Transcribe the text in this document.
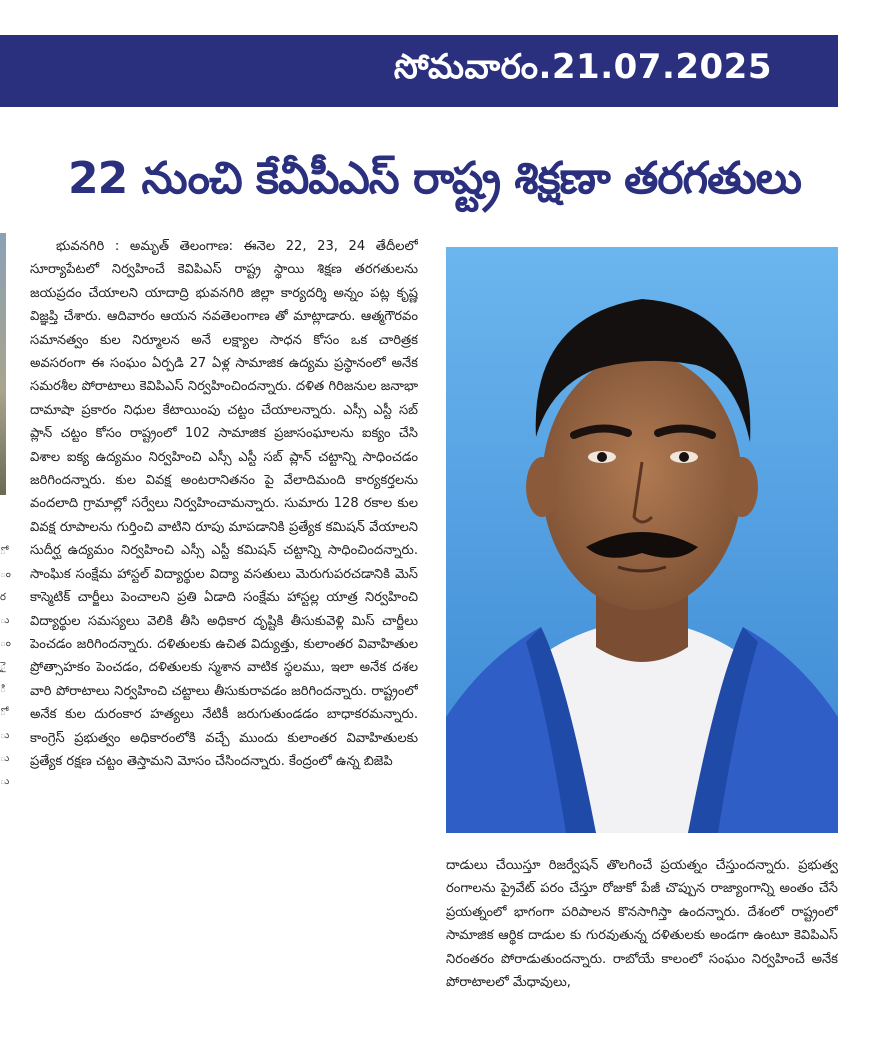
సోమవారం.21.07.2025
22 నుంచి కేవీపీఎస్ రాష్ట్ర శిక్షణా తరగతులు
ో
ం
ర
ు
ం
ై
ి
ో
ు
ు
ు

భువనగిరి : అమృత్ తెలంగాణ: ఈనెల 22, 23, 24 తేదీలలో సూర్యాపేటలో నిర్వహించే కెవిపిఎస్ రాష్ట్ర స్థాయి శిక్షణ తరగతులను జయప్రదం చేయాలని యాదాద్రి భువనగిరి జిల్లా కార్యదర్శి అన్నం పట్ల కృష్ణ విజ్ఞప్తి చేశారు. ఆదివారం ఆయన నవతెలంగాణ తో మాట్లాడారు. ఆత్మగౌరవం సమానత్వం కుల నిర్మూలన అనే లక్ష్యాల సాధన కోసం ఒక చారిత్రక అవసరంగా ఈ సంఘం ఏర్పడి 27 ఏళ్ల సామాజిక ఉద్యమ ప్రస్థానంలో అనేక సమరశీల పోరాటాలు కెవిపిఎస్ నిర్వహించిందన్నారు. దళిత గిరిజనుల జనాభా దామాషా ప్రకారం నిధుల కేటాయింపు చట్టం చేయాలన్నారు. ఎస్సీ ఎస్టీ సబ్ ప్లాన్ చట్టం కోసం రాష్ట్రంలో 102 సామాజిక ప్రజాసంఘాలను ఐక్యం చేసి విశాల ఐక్య ఉద్యమం నిర్వహించి ఎస్సీ ఎస్టీ సబ్ ప్లాన్ చట్టాన్ని సాధించడం జరిగిందన్నారు. కుల వివక్ష అంటరానితనం పై వేలాదిమంది కార్యకర్తలను వందలాది గ్రామాల్లో సర్వేలు నిర్వహించామన్నారు. సుమారు 128 రకాల కుల వివక్ష రూపాలను గుర్తించి వాటిని రూపు మాపడానికి ప్రత్యేక కమిషన్ వేయాలని సుదీర్ఘ ఉద్యమం నిర్వహించి ఎస్సీ ఎస్టీ కమిషన్ చట్టాన్ని సాధించిందన్నారు. సాంఘిక సంక్షేమ హాస్టల్ విద్యార్థుల విద్యా వసతులు మెరుగుపరచడానికి మెస్ కాస్మెటిక్ చార్జీలు పెంచాలని ప్రతి ఏడాది సంక్షేమ హాస్టల్ల యాత్ర నిర్వహించి విద్యార్థుల సమస్యలు వెలికి తీసి అధికార దృష్టికి తీసుకువెళ్లి మిస్ చార్జీలు పెంచడం జరిగిందన్నారు. దళితులకు ఉచిత విద్యుత్తు, కులాంతర వివాహితుల ప్రోత్సాహకం పెంచడం, దళితులకు స్మశాన వాటిక స్థలము, ఇలా అనేక దశల వారి పోరాటాలు నిర్వహించి చట్టాలు తీసుకురావడం జరిగిందన్నారు. రాష్ట్రంలో అనేక కుల దురంకార హత్యలు నేటికీ జరుగుతుండడం బాధాకరమన్నారు. కాంగ్రెస్ ప్రభుత్వం అధికారంలోకి వచ్చే ముందు కులాంతర వివాహితులకు ప్రత్యేక రక్షణ చట్టం తెస్తామని మోసం చేసిందన్నారు. కేంద్రంలో ఉన్న బిజెపి

దాడులు చేయిస్తూ రిజర్వేషన్ తొలగించే ప్రయత్నం చేస్తుందన్నారు. ప్రభుత్వ రంగాలను ప్రైవేట్ పరం చేస్తూ రోజుకో పేజీ చొప్పున రాజ్యాంగాన్ని అంతం చేసే ప్రయత్నంలో భాగంగా పరిపాలన కొనసాగిస్తా ఉందన్నారు. దేశంలో రాష్ట్రంలో సామాజిక ఆర్థిక దాడుల కు గురవుతున్న దళితులకు అండగా ఉంటూ కెవిపిఎస్ నిరంతరం పోరాడుతుందన్నారు. రాబోయే కాలంలో సంఘం నిర్వహించే అనేక పోరాటాలలో మేధావులు,
